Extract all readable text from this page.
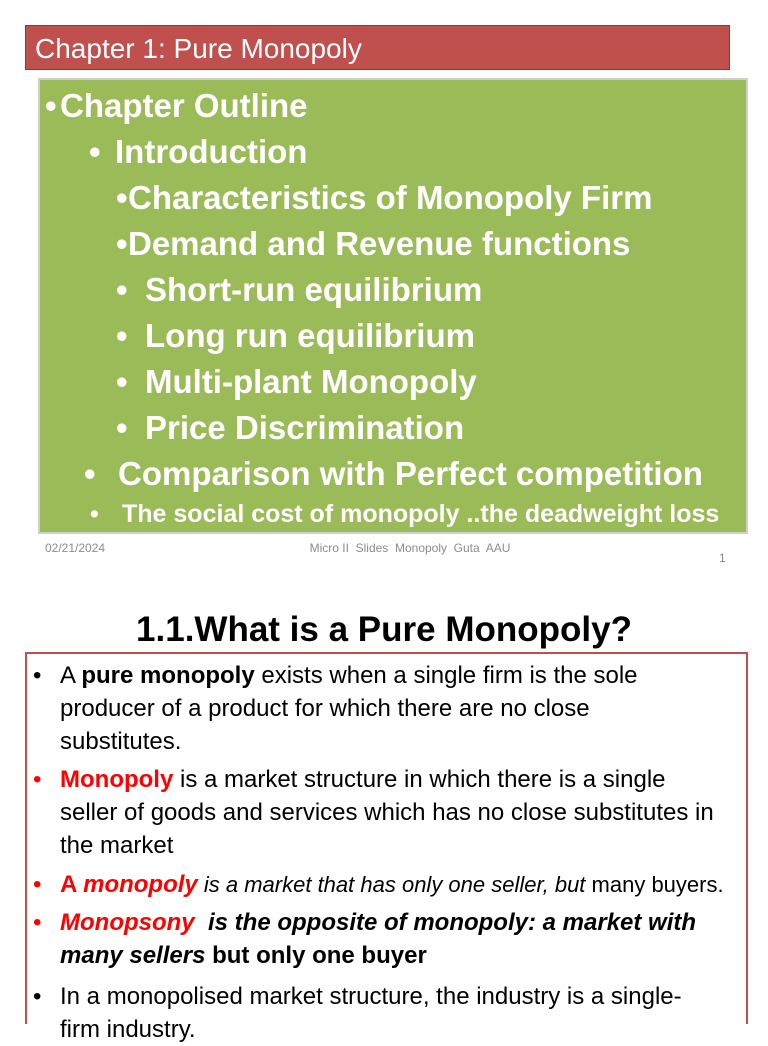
Chapter 1: Pure Monopoly
• Chapter Outline
• Introduction
• Characteristics of Monopoly Firm
• Demand and Revenue functions
• Short-run equilibrium
• Long run equilibrium
• Multi-plant Monopoly
• Price Discrimination
• Comparison with Perfect competition
• The social cost of monopoly ..the deadweight loss
02/21/2024	Micro II  Slides  Monopoly  Guta  AAU
1
1.1.What is a Pure Monopoly?
• A pure monopoly exists when a single firm is the sole
producer of a product for which there are no close
substitutes.
• Monopoly is a market structure in which there is a single
seller of goods and services which has no close substitutes in
the market
• A monopoly is a market that has only one seller, but many buyers.
• Monopsony  is the opposite of monopoly: a market with
many sellers but only one buyer
• In a monopolised market structure, the industry is a single-
firm industry.
